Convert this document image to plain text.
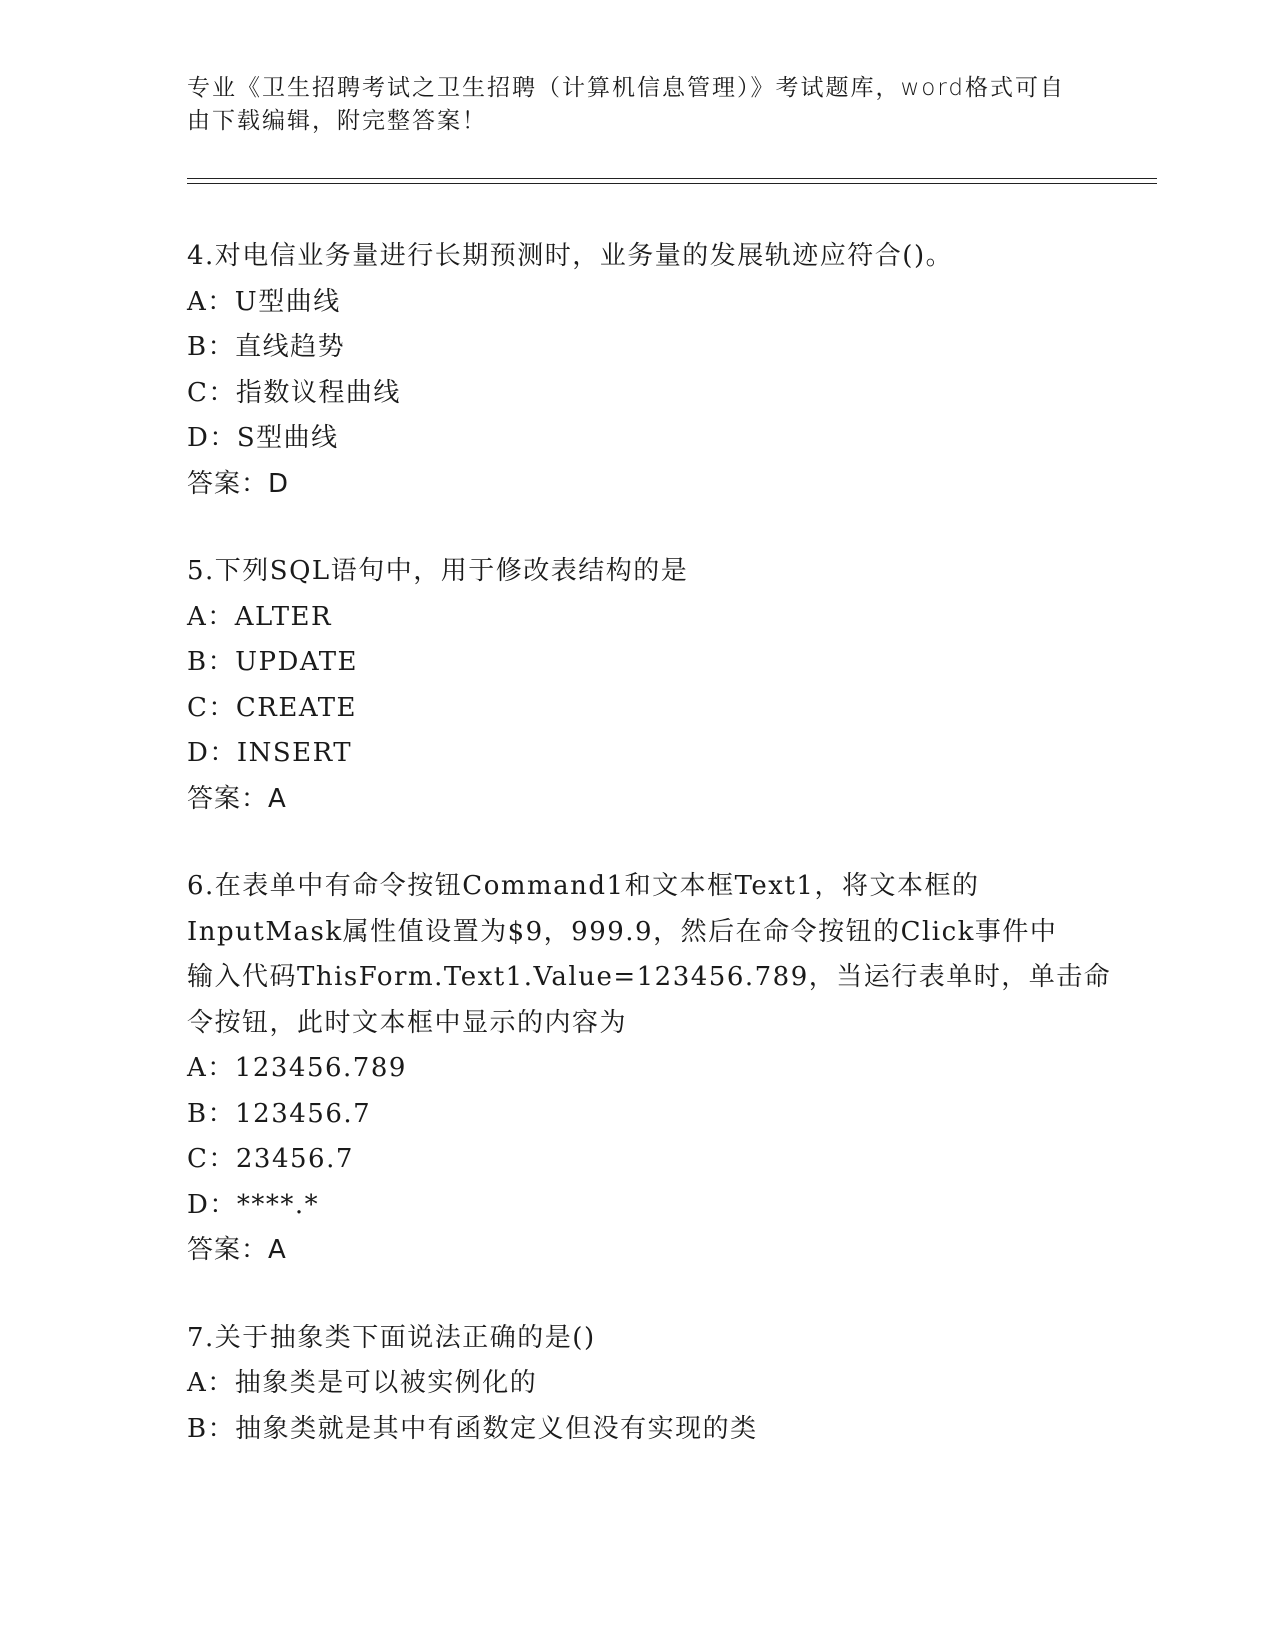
专业《卫生招聘考试之卫生招聘（计算机信息管理）》考试题库，word格式可自
由下载编辑，附完整答案！
4.对电信业务量进行长期预测时，业务量的发展轨迹应符合()。
A：U型曲线
B：直线趋势
C：指数议程曲线
D：S型曲线
答案：D
5.下列SQL语句中，用于修改表结构的是
A：ALTER
B：UPDATE
C：CREATE
D：INSERT
答案：A
6.在表单中有命令按钮Command1和文本框Text1，将文本框的
InputMask属性值设置为$9，999.9，然后在命令按钮的Click事件中
输入代码ThisForm.Text1.Value=123456.789，当运行表单时，单击命
令按钮，此时文本框中显示的内容为
A：123456.789
B：123456.7
C：23456.7
D：****.*
答案：A
7.关于抽象类下面说法正确的是()
A：抽象类是可以被实例化的
B：抽象类就是其中有函数定义但没有实现的类
